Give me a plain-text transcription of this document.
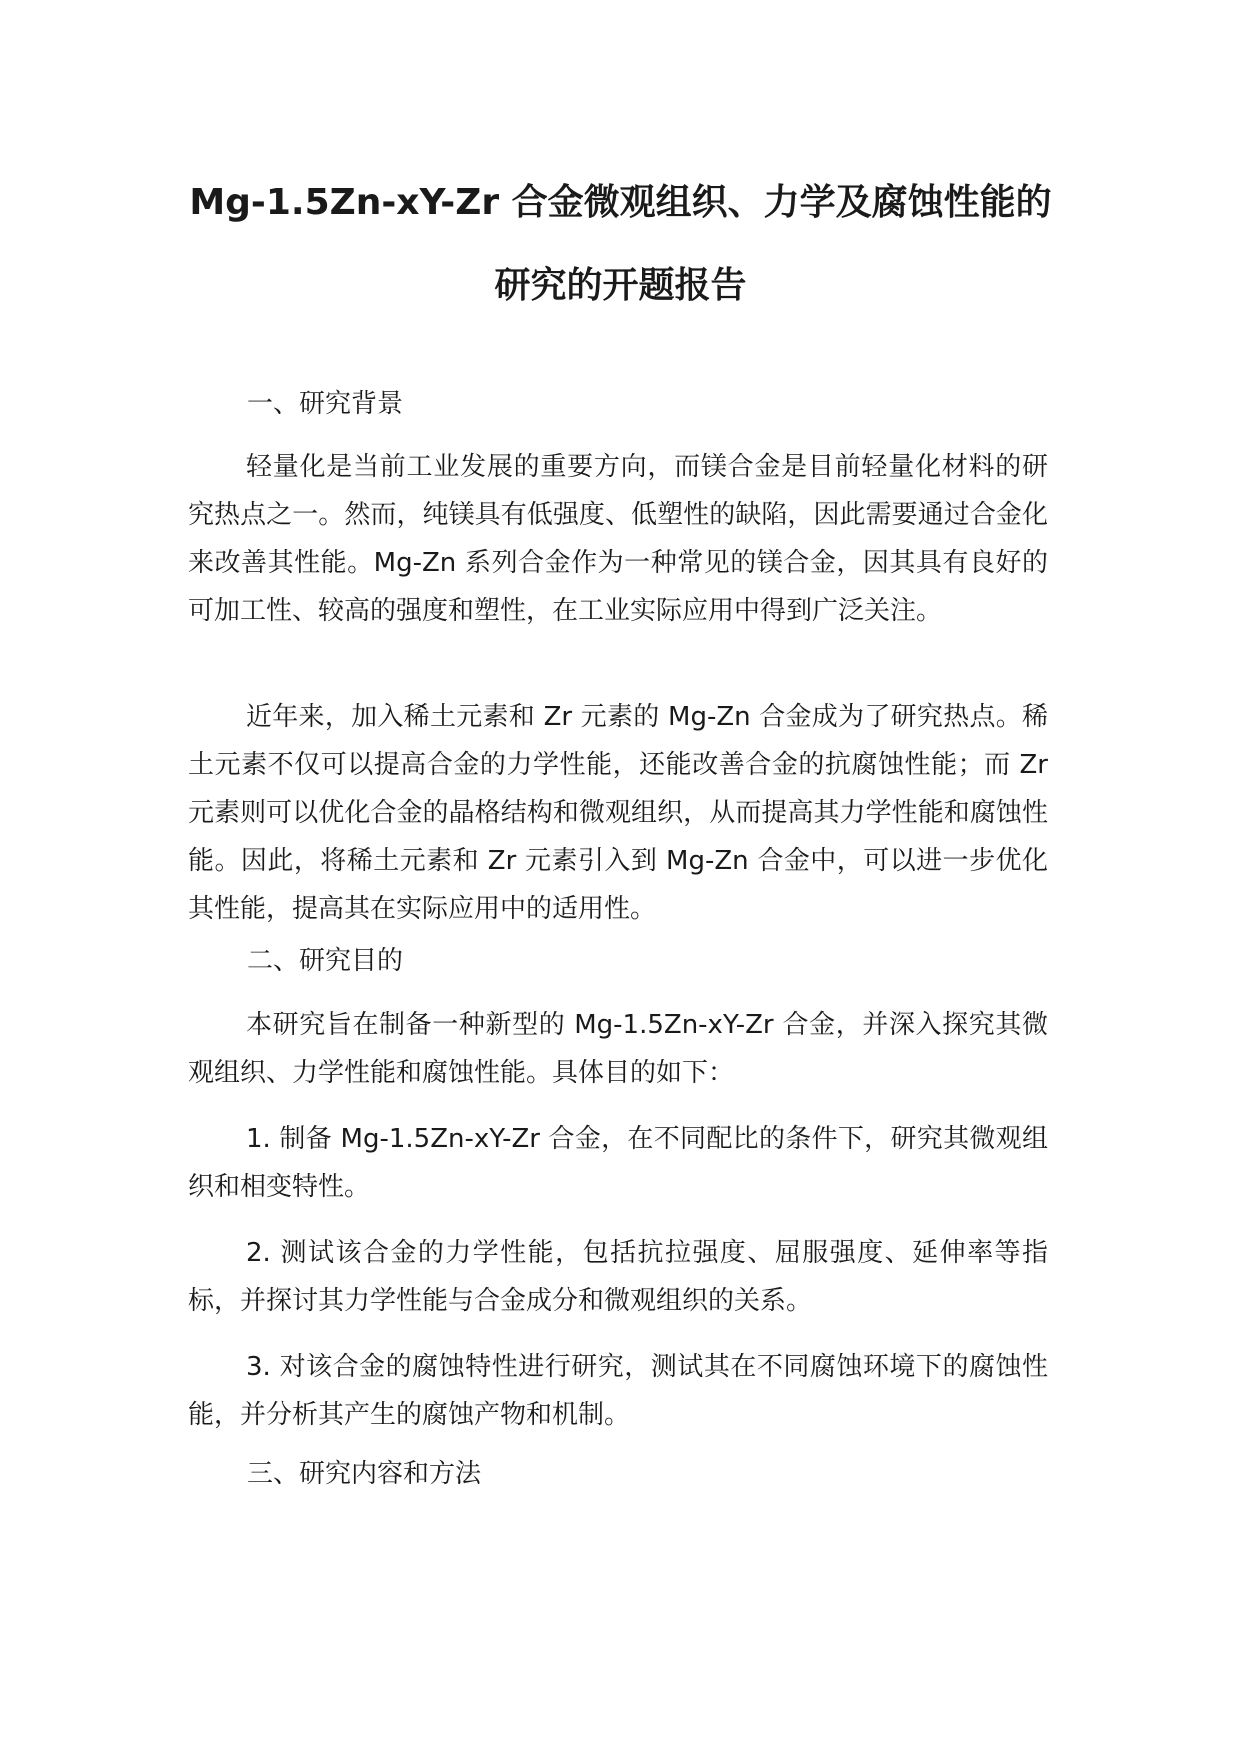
Mg-1.5Zn-xY-Zr 合金微观组织、力学及腐蚀性能的
研究的开题报告
一、研究背景
轻量化是当前工业发展的重要方向，而镁合金是目前轻量化材料的研究热点之一。然而，纯镁具有低强度、低塑性的缺陷，因此需要通过合金化来改善其性能。Mg-Zn 系列合金作为一种常见的镁合金，因其具有良好的可加工性、较高的强度和塑性，在工业实际应用中得到广泛关注。
近年来，加入稀土元素和 Zr 元素的 Mg-Zn 合金成为了研究热点。稀土元素不仅可以提高合金的力学性能，还能改善合金的抗腐蚀性能；而 Zr 元素则可以优化合金的晶格结构和微观组织，从而提高其力学性能和腐蚀性能。因此，将稀土元素和 Zr 元素引入到 Mg-Zn 合金中，可以进一步优化其性能，提高其在实际应用中的适用性。
二、研究目的
本研究旨在制备一种新型的 Mg-1.5Zn-xY-Zr 合金，并深入探究其微观组织、力学性能和腐蚀性能。具体目的如下：
1. 制备 Mg-1.5Zn-xY-Zr 合金，在不同配比的条件下，研究其微观组织和相变特性。
2. 测试该合金的力学性能，包括抗拉强度、屈服强度、延伸率等指标，并探讨其力学性能与合金成分和微观组织的关系。
3. 对该合金的腐蚀特性进行研究，测试其在不同腐蚀环境下的腐蚀性能，并分析其产生的腐蚀产物和机制。
三、研究内容和方法
